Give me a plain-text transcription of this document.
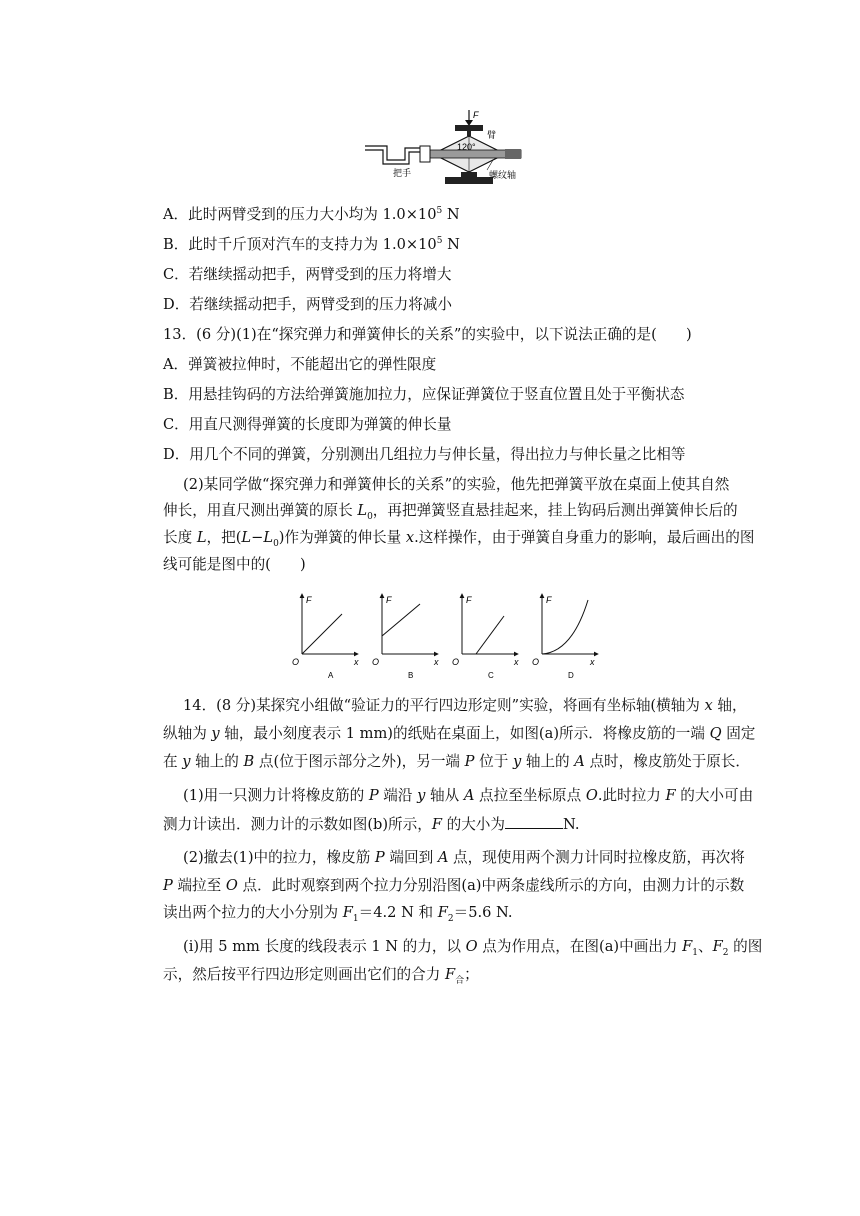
F
120°
臂
把手	螺纹轴
A．此时两臂受到的压力大小均为 $1.0\times 10^5$ N
B．此时千斤顶对汽车的支持力为 $1.0\times 10^5$ N
C．若继续摇动把手，两臂受到的压力将增大
D．若继续摇动把手，两臂受到的压力将减小
13．(6 分)(1)在“探究弹力和弹簧伸长的关系”的实验中，以下说法正确的是(　　)
A．弹簧被拉伸时，不能超出它的弹性限度
B．用悬挂钩码的方法给弹簧施加拉力，应保证弹簧位于竖直位置且处于平衡状态
C．用直尺测得弹簧的长度即为弹簧的伸长量
D．用几个不同的弹簧，分别测出几组拉力与伸长量，得出拉力与伸长量之比相等
(2)某同学做“探究弹力和弹簧伸长的关系”的实验，他先把弹簧平放在桌面上使其自然
伸长，用直尺测出弹簧的原长 $L_0$，再把弹簧竖直悬挂起来，挂上钩码后测出弹簧伸长后的
长度 L，把$(L-L_0)$作为弹簧的伸长量 x.这样操作，由于弹簧自身重力的影响，最后画出的图
线可能是图中的(　　)
F
x
O
A
F
x
O
B
F
x
O
C
F
x
O
D
14．(8 分)某探究小组做“验证力的平行四边形定则”实验，将画有坐标轴(横轴为 x 轴，
纵轴为 y 轴，最小刻度表示 1 mm)的纸贴在桌面上，如图(a)所示．将橡皮筋的一端 Q 固定
在 y 轴上的 B 点(位于图示部分之外)，另一端 P 位于 y 轴上的 A 点时，橡皮筋处于原长．
(1)用一只测力计将橡皮筋的 P 端沿 y 轴从 A 点拉至坐标原点 O.此时拉力 F 的大小可由
测力计读出．测力计的示数如图(b)所示，F 的大小为	N.
(2)撤去(1)中的拉力，橡皮筋 P 端回到 A 点，现使用两个测力计同时拉橡皮筋，再次将
P 端拉至 O 点．此时观察到两个拉力分别沿图(a)中两条虚线所示的方向，由测力计的示数
读出两个拉力的大小分别为 $F_1=4.2$ N 和 $F_2=5.6$ N.
(i)用 5 mm 长度的线段表示 1 N 的力，以 O 点为作用点，在图(a)中画出力 $F_1$、$F_2$ 的图
示，然后按平行四边形定则画出它们的合力 $F_合$；
